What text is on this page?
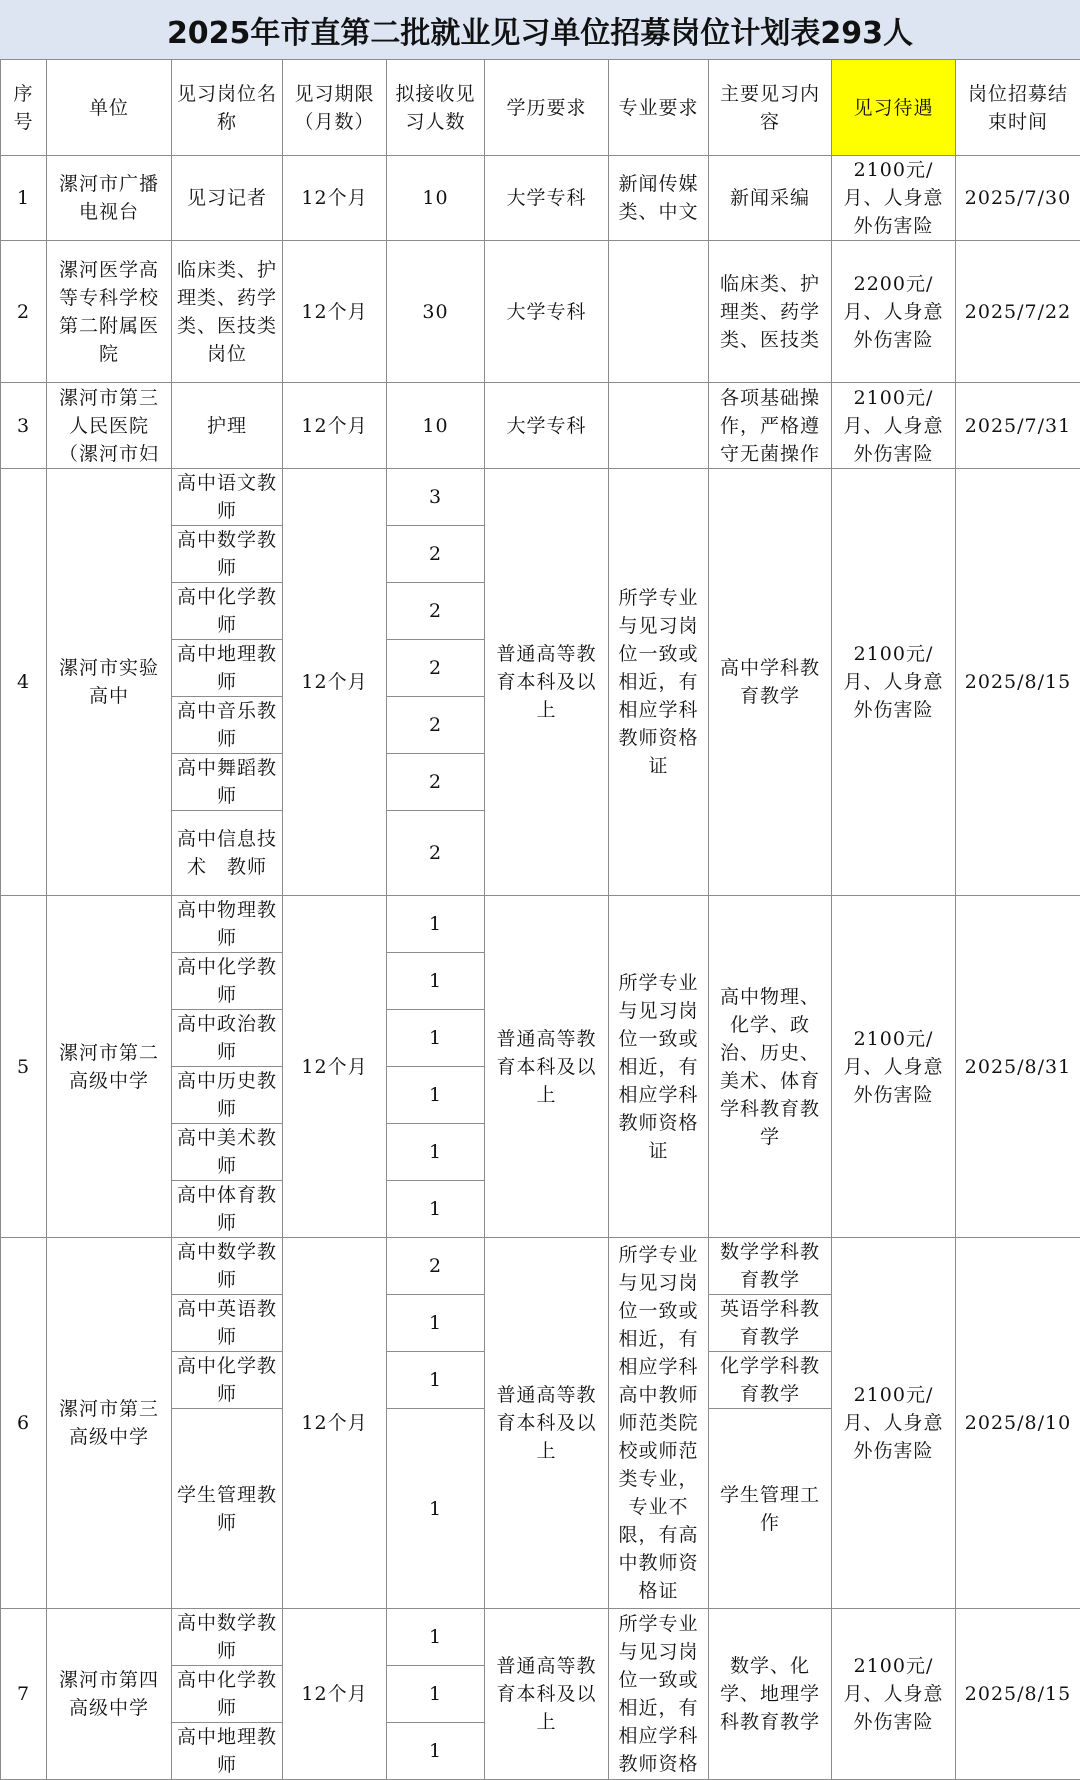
2025年市直第二批就业见习单位招募岗位计划表293人
序号	单位	见习岗位名称	见习期限（月数）	拟接收见习人数	学历要求	专业要求	主要见习内容	见习待遇	岗位招募结束时间
1	漯河市广播电视台	见习记者	12个月	10	大学专科	新闻传媒类、中文	新闻采编	2100元/月、人身意外伤害险	2025/7/30
2	漯河医学高等专科学校第二附属医院	临床类、护理类、药学类、医技类岗位	12个月	30	大学专科		临床类、护理类、药学类、医技类	2200元/月、人身意外伤害险	2025/7/22
3	漯河市第三人民医院（漯河市妇	护理	12个月	10	大学专科		各项基础操作，严格遵守无菌操作	2100元/月、人身意外伤害险	2025/7/31
4	漯河市实验高中	高中语文教师	12个月	3	普通高等教育本科及以上	所学专业与见习岗位一致或相近，有相应学科教师资格证	高中学科教育教学	2100元/月、人身意外伤害险	2025/8/15
		高中数学教师		2					
		高中化学教师		2					
		高中地理教师		2					
		高中音乐教师		2					
		高中舞蹈教师		2					
		高中信息技术　教师		2					
5	漯河市第二高级中学	高中物理教师	12个月	1	普通高等教育本科及以上	所学专业与见习岗位一致或相近，有相应学科教师资格证	高中物理、化学、政治、历史、美术、体育学科教育教学	2100元/月、人身意外伤害险	2025/8/31
		高中化学教师		1					
		高中政治教师		1					
		高中历史教师		1					
		高中美术教师		1					
		高中体育教师		1					
6	漯河市第三高级中学	高中数学教师	12个月	2	普通高等教育本科及以上	所学专业与见习岗位一致或相近，有相应学科高中教师师范类院校或师范类专业，专业不限，有高中教师资格证	数学学科教育教学	2100元/月、人身意外伤害险	2025/8/10
		高中英语教师		1			英语学科教育教学		
		高中化学教师		1			化学学科教育教学		
		学生管理教师		1			学生管理工作		
7	漯河市第四高级中学	高中数学教师	12个月	1	普通高等教育本科及以上	所学专业与见习岗位一致或相近，有相应学科教师资格	数学、化学、地理学科教育教学	2100元/月、人身意外伤害险	2025/8/15
		高中化学教师		1					
		高中地理教师		1					
